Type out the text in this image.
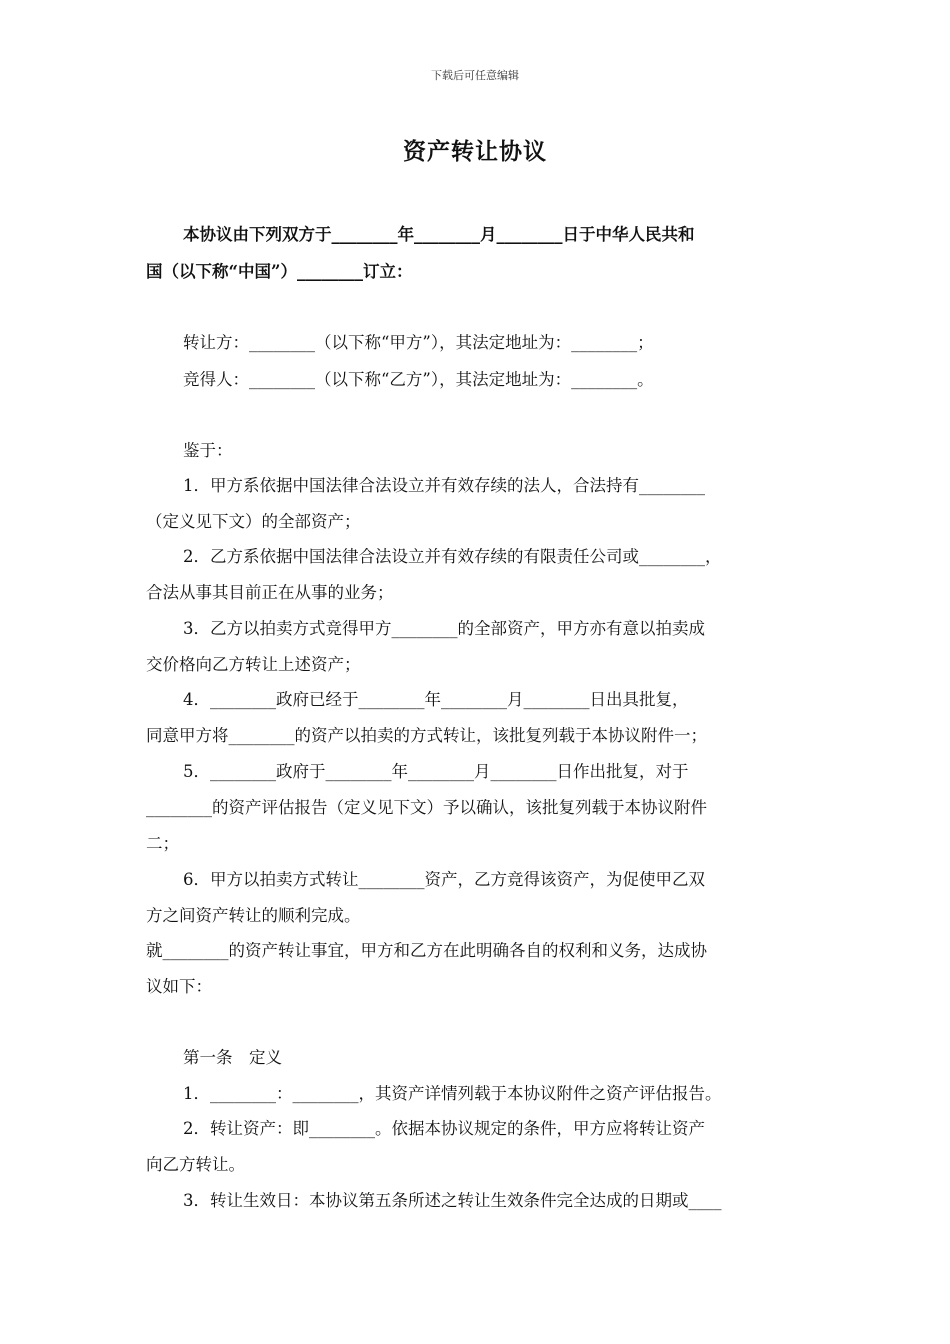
下载后可任意编辑
资产转让协议
本协议由下列双方于________年________月________日于中华人民共和
国（以下称“中国”）________订立：
转让方：________（以下称“甲方”），其法定地址为：________；
竞得人：________（以下称“乙方”），其法定地址为：________。
鉴于：
1．甲方系依据中国法律合法设立并有效存续的法人，合法持有________
（定义见下文）的全部资产；
2．乙方系依据中国法律合法设立并有效存续的有限责任公司或________，
合法从事其目前正在从事的业务；
3．乙方以拍卖方式竞得甲方________的全部资产，甲方亦有意以拍卖成
交价格向乙方转让上述资产；
4．________政府已经于________年________月________日出具批复，
同意甲方将________的资产以拍卖的方式转让，该批复列载于本协议附件一；
5．________政府于________年________月________日作出批复，对于
________的资产评估报告（定义见下文）予以确认，该批复列载于本协议附件
二；
6．甲方以拍卖方式转让________资产，乙方竞得该资产，为促使甲乙双
方之间资产转让的顺利完成。
就________的资产转让事宜，甲方和乙方在此明确各自的权利和义务，达成协
议如下：
第一条　定义
1．________：________，其资产详情列载于本协议附件之资产评估报告。
2．转让资产：即________。依据本协议规定的条件，甲方应将转让资产
向乙方转让。
3．转让生效日：本协议第五条所述之转让生效条件完全达成的日期或____
